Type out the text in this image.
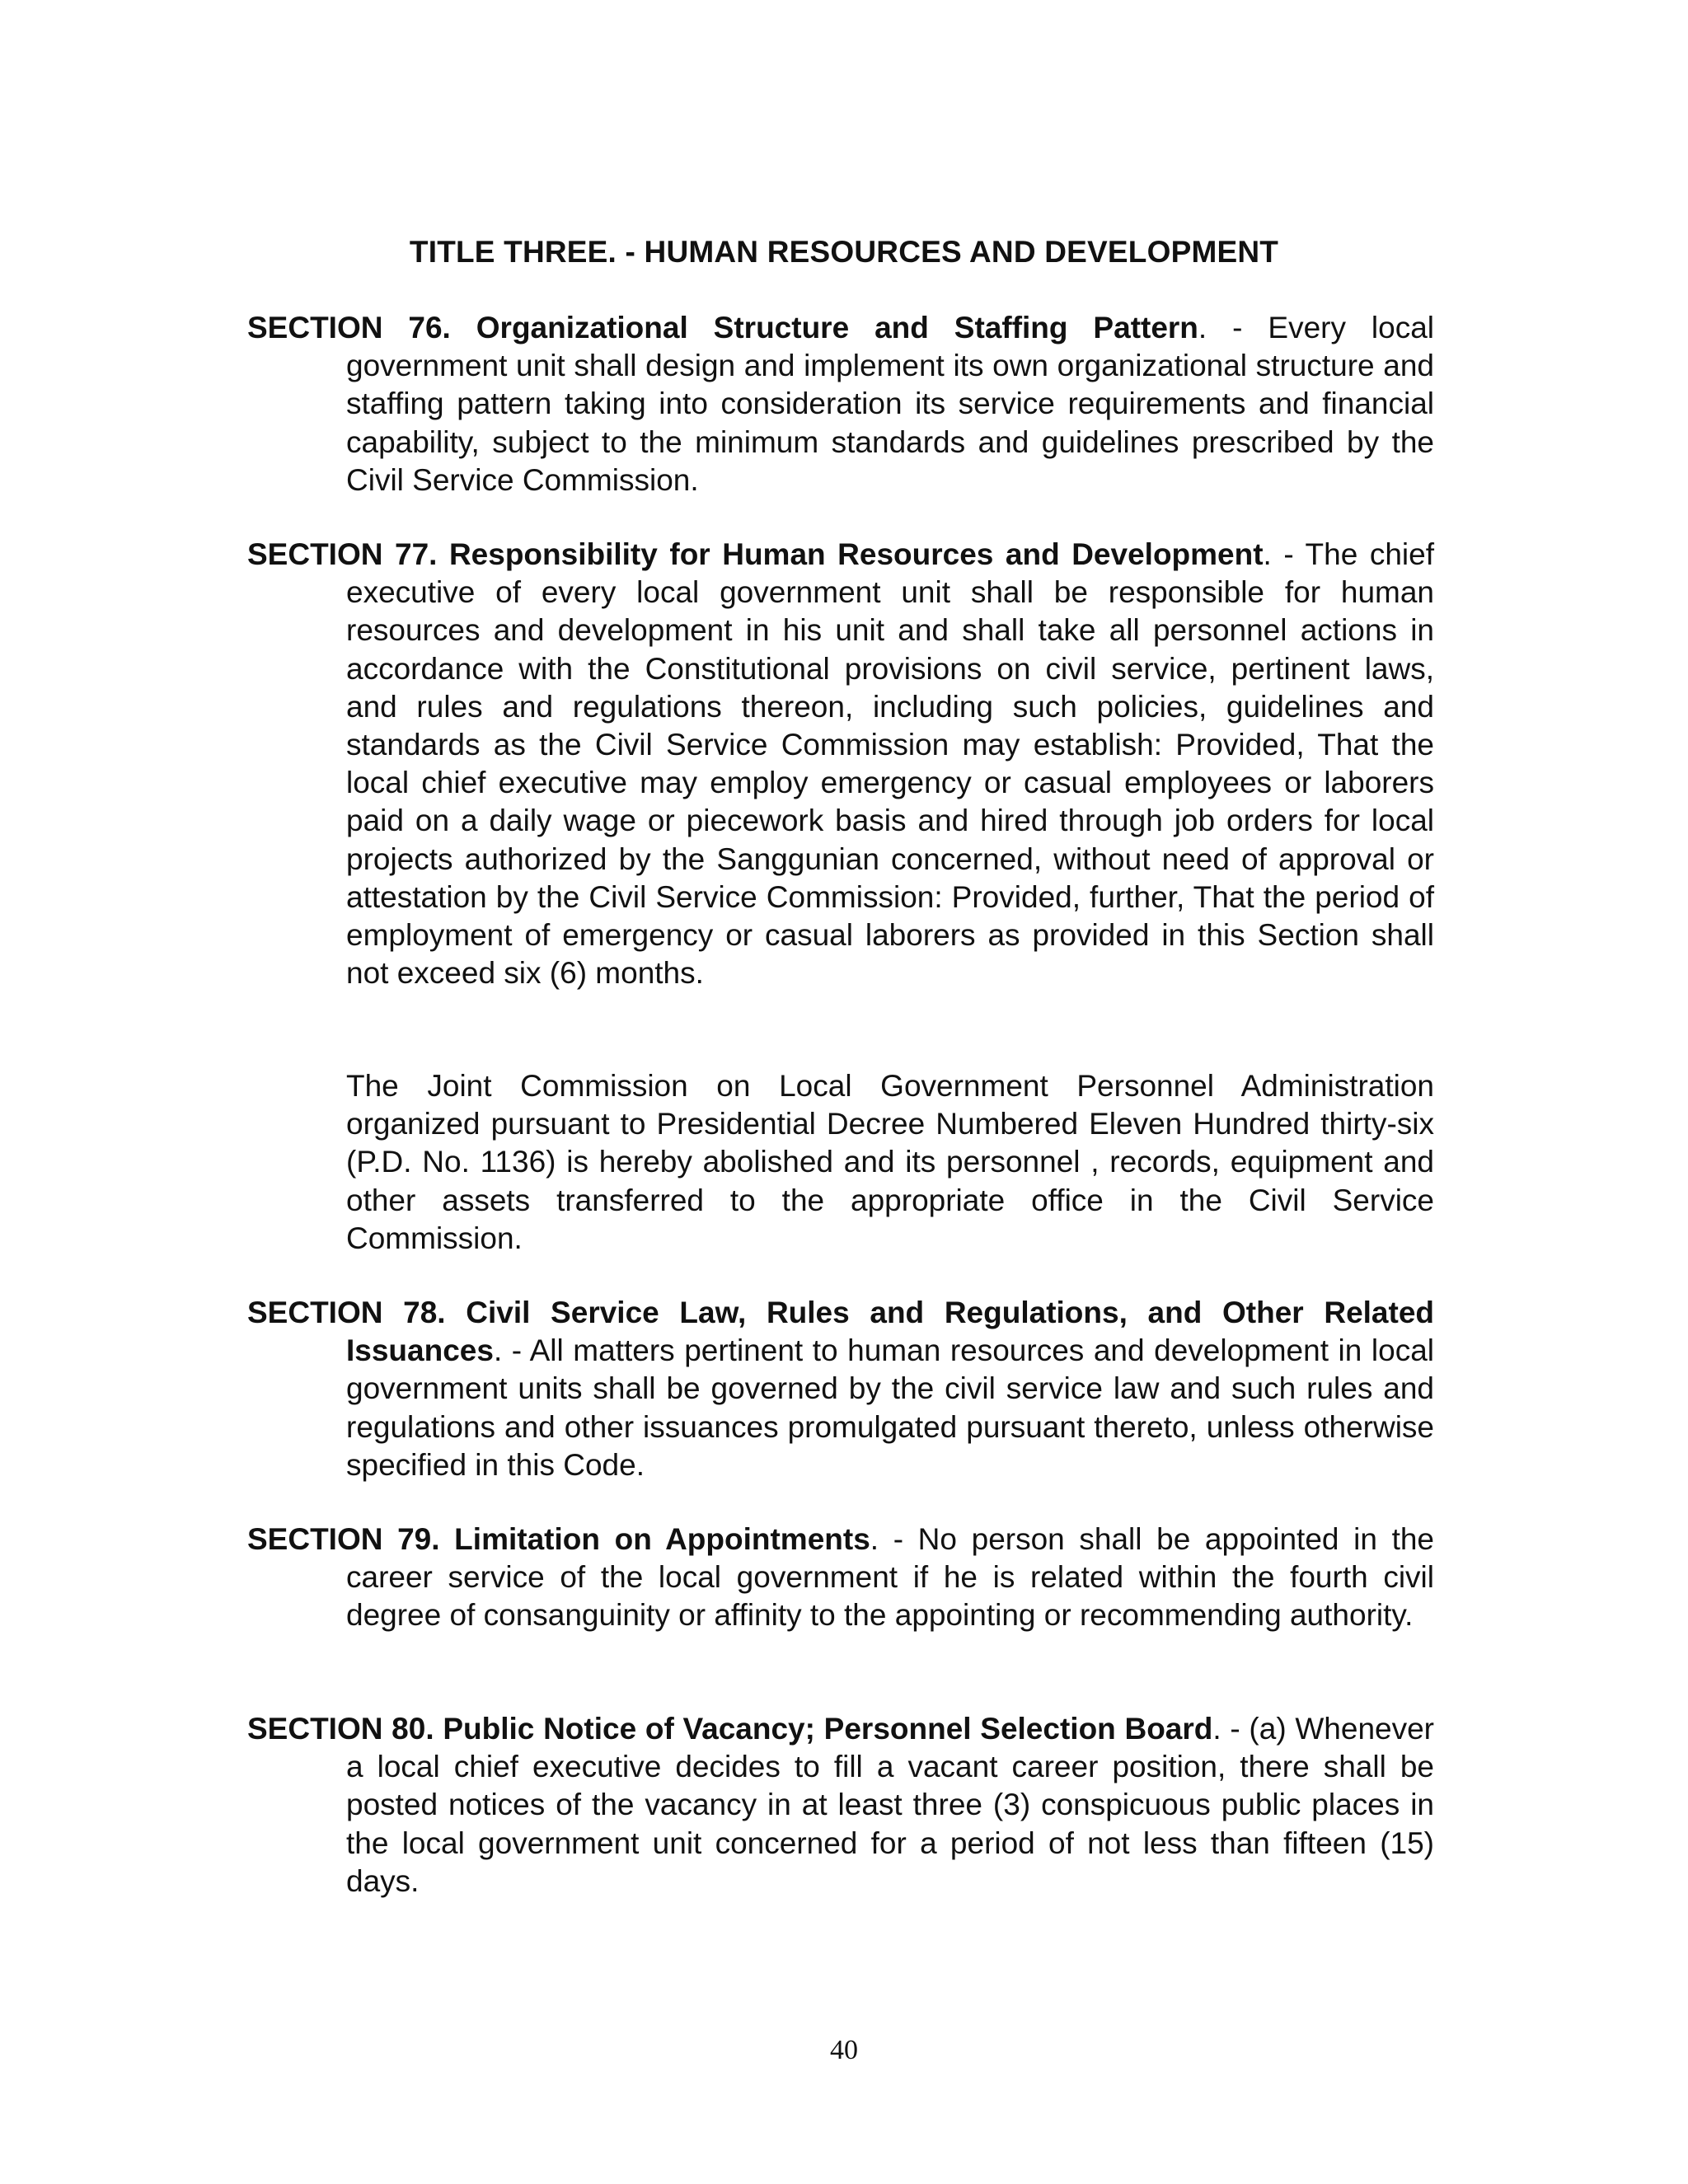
TITLE THREE. - HUMAN RESOURCES AND DEVELOPMENT
SECTION 76. Organizational Structure and Staffing Pattern. - Every local government unit shall design and implement its own organizational structure and staffing pattern taking into consideration its service requirements and financial capability, subject to the minimum standards and guidelines prescribed by the Civil Service Commission.
SECTION 77. Responsibility for Human Resources and Development. - The chief executive of every local government unit shall be responsible for human resources and development in his unit and shall take all personnel actions in accordance with the Constitutional provisions on civil service, pertinent laws, and rules and regulations thereon, including such policies, guidelines and standards as the Civil Service Commission may establish: Provided, That the local chief executive may employ emergency or casual employees or laborers paid on a daily wage or piecework basis and hired through job orders for local projects authorized by the Sanggunian concerned, without need of approval or attestation by the Civil Service Commission: Provided, further, That the period of employment of emergency or casual laborers as provided in this Section shall not exceed six (6) months.
The Joint Commission on Local Government Personnel Administration organized pursuant to Presidential Decree Numbered Eleven Hundred thirty-six (P.D. No. 1136) is hereby abolished and its personnel , records, equipment and other assets transferred to the appropriate office in the Civil Service Commission.
SECTION 78. Civil Service Law, Rules and Regulations, and Other Related Issuances. - All matters pertinent to human resources and development in local government units shall be governed by the civil service law and such rules and regulations and other issuances promulgated pursuant thereto, unless otherwise specified in this Code.
SECTION 79. Limitation on Appointments. - No person shall be appointed in the career service of the local government if he is related within the fourth civil degree of consanguinity or affinity to the appointing or recommending authority.
SECTION 80. Public Notice of Vacancy; Personnel Selection Board. - (a) Whenever a local chief executive decides to fill a vacant career position, there shall be posted notices of the vacancy in at least three (3) conspicuous public places in the local government unit concerned for a period of not less than fifteen (15) days.
40
